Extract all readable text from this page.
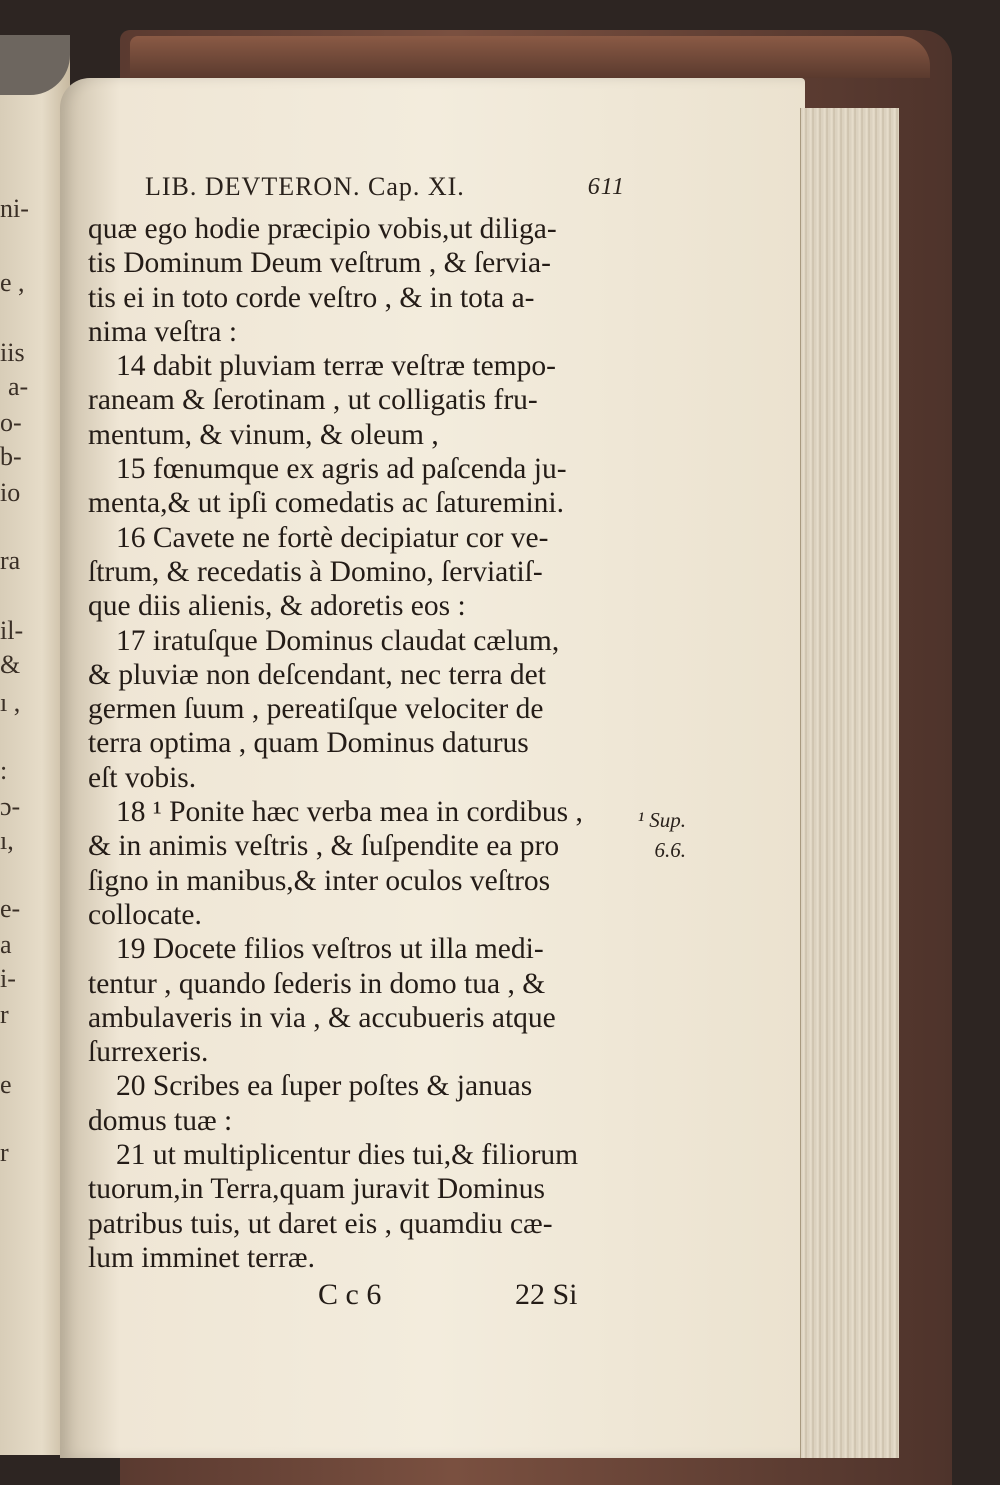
ni-
e ,
iis
a-
o-
b-
io
ra
il-
&
ı ,
:
ɔ-
ı,
e-
a
i-
r
e
r
LIB. DEVTERON. Cap. XI.	611
quæ ego hodie præcipio vobis,ut diliga-
tis Dominum Deum veſtrum , & ſervia-
tis ei in toto corde veſtro , & in tota a-
nima veſtra :
14 dabit pluviam terræ veſtræ tempo-
raneam & ſerotinam , ut colligatis fru-
mentum, & vinum, & oleum ,
15 fœnumque ex agris ad paſcenda ju-
menta,& ut ipſi comedatis ac ſaturemini.
16 Cavete ne fortè decipiatur cor ve-
ſtrum, & recedatis à Domino, ſerviatiſ-
que diis alienis, & adoretis eos :
17 iratuſque Dominus claudat cælum,
& pluviæ non deſcendant, nec terra det
germen ſuum , pereatiſque velociter de
terra optima , quam Dominus daturus
eſt vobis.
18 ¹ Ponite hæc verba mea in cordibus ,
& in animis veſtris , & ſuſpendite ea pro
ſigno in manibus,& inter oculos veſtros
collocate.
19 Docete filios veſtros ut illa medi-
tentur , quando ſederis in domo tua , &
ambulaveris in via , & accubueris atque
ſurrexeris.
20 Scribes ea ſuper poſtes & januas
domus tuæ :
21 ut multiplicentur dies tui,& filiorum
tuorum,in Terra,quam juravit Dominus
patribus tuis, ut daret eis , quamdiu cæ-
lum imminet terræ.
¹ Sup.
6.6.
C c 6	22 Si
